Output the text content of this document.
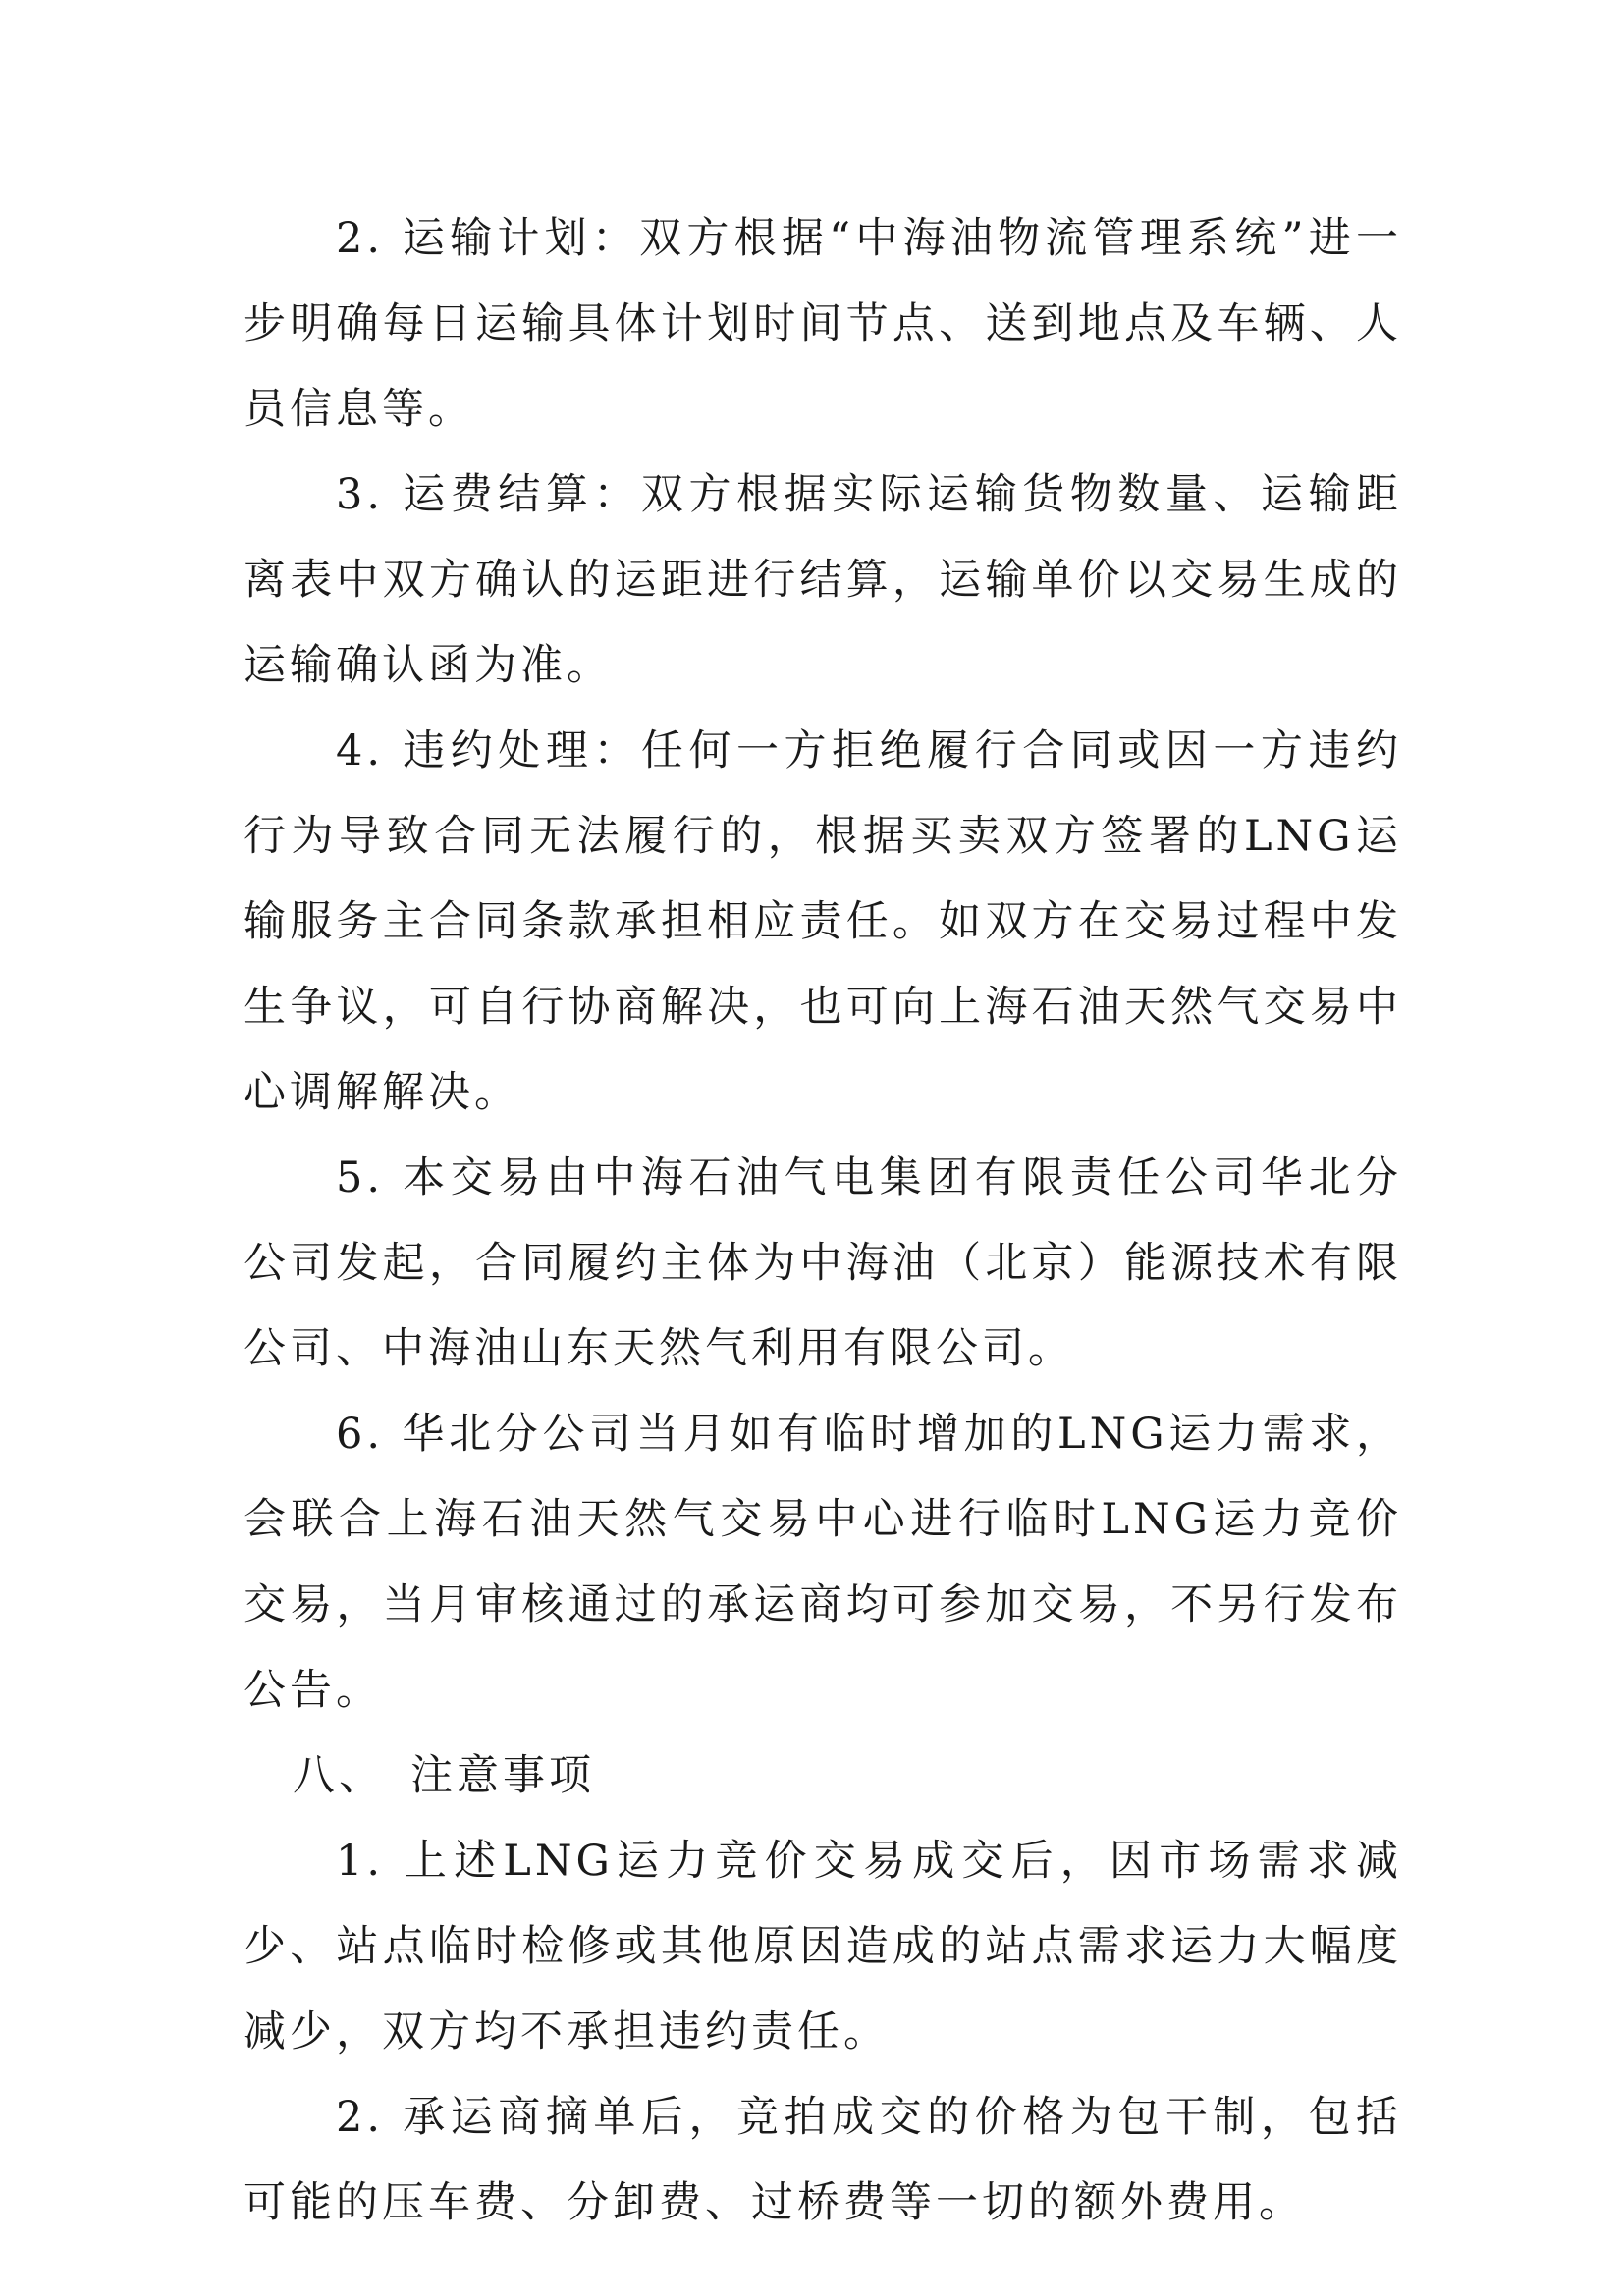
2. 运输计划：双方根据“中海油物流管理系统”进一步明确每日运输具体计划时间节点、送到地点及车辆、人员信息等。

3. 运费结算：双方根据实际运输货物数量、运输距离表中双方确认的运距进行结算，运输单价以交易生成的运输确认函为准。

4. 违约处理：任何一方拒绝履行合同或因一方违约行为导致合同无法履行的，根据买卖双方签署的LNG运输服务主合同条款承担相应责任。如双方在交易过程中发生争议，可自行协商解决，也可向上海石油天然气交易中心调解解决。

5. 本交易由中海石油气电集团有限责任公司华北分公司发起，合同履约主体为中海油（北京）能源技术有限公司、中海油山东天然气利用有限公司。

6. 华北分公司当月如有临时增加的LNG运力需求，会联合上海石油天然气交易中心进行临时LNG运力竞价交易，当月审核通过的承运商均可参加交易，不另行发布公告。

八、 注意事项

1. 上述LNG运力竞价交易成交后，因市场需求减少、站点临时检修或其他原因造成的站点需求运力大幅度减少，双方均不承担违约责任。

2. 承运商摘单后，竞拍成交的价格为包干制，包括可能的压车费、分卸费、过桥费等一切的额外费用。
